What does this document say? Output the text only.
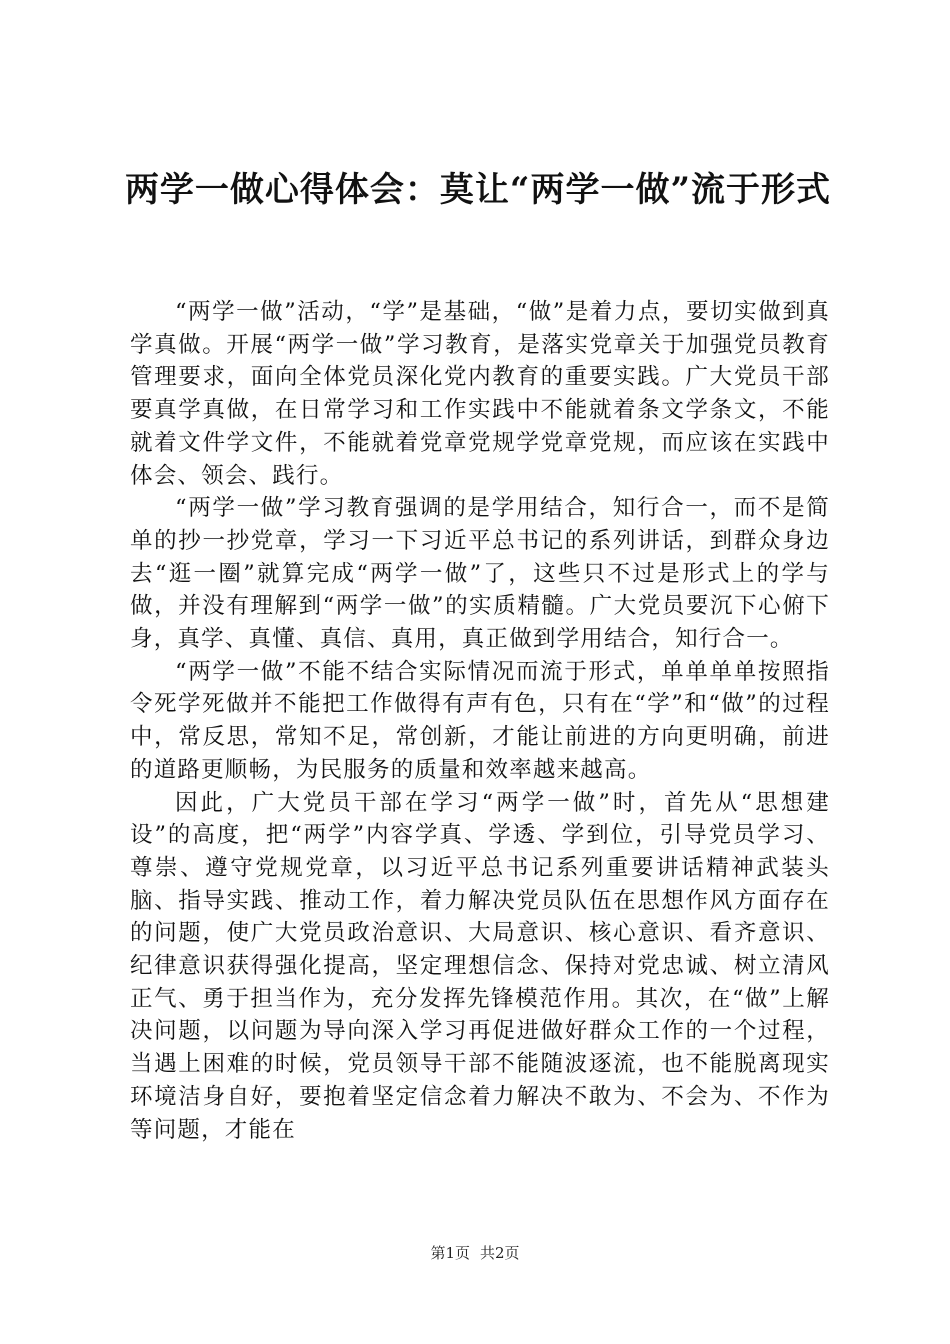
两学一做心得体会：莫让“两学一做”流于形式

“两学一做”活动，“学”是基础，“做”是着力点，要切实做到真学真做。开展“两学一做”学习教育，是落实党章关于加强党员教育管理要求，面向全体党员深化党内教育的重要实践。广大党员干部要真学真做，在日常学习和工作实践中不能就着条文学条文，不能就着文件学文件，不能就着党章党规学党章党规，而应该在实践中体会、领会、践行。

“两学一做”学习教育强调的是学用结合，知行合一，而不是简单的抄一抄党章，学习一下习近平总书记的系列讲话，到群众身边去“逛一圈”就算完成“两学一做”了，这些只不过是形式上的学与做，并没有理解到“两学一做”的实质精髓。广大党员要沉下心俯下身，真学、真懂、真信、真用，真正做到学用结合，知行合一。

“两学一做”不能不结合实际情况而流于形式，单单单单按照指令死学死做并不能把工作做得有声有色，只有在“学”和“做”的过程中，常反思，常知不足，常创新，才能让前进的方向更明确，前进的道路更顺畅，为民服务的质量和效率越来越高。

因此，广大党员干部在学习“两学一做”时，首先从“思想建设”的高度，把“两学”内容学真、学透、学到位，引导党员学习、尊崇、遵守党规党章，以习近平总书记系列重要讲话精神武装头脑、指导实践、推动工作，着力解决党员队伍在思想作风方面存在的问题，使广大党员政治意识、大局意识、核心意识、看齐意识、纪律意识获得强化提高，坚定理想信念、保持对党忠诚、树立清风正气、勇于担当作为，充分发挥先锋模范作用。其次，在“做”上解决问题，以问题为导向深入学习再促进做好群众工作的一个过程，当遇上困难的时候，党员领导干部不能随波逐流，也不能脱离现实环境洁身自好，要抱着坚定信念着力解决不敢为、不会为、不作为等问题，才能在

第1页 共2页
